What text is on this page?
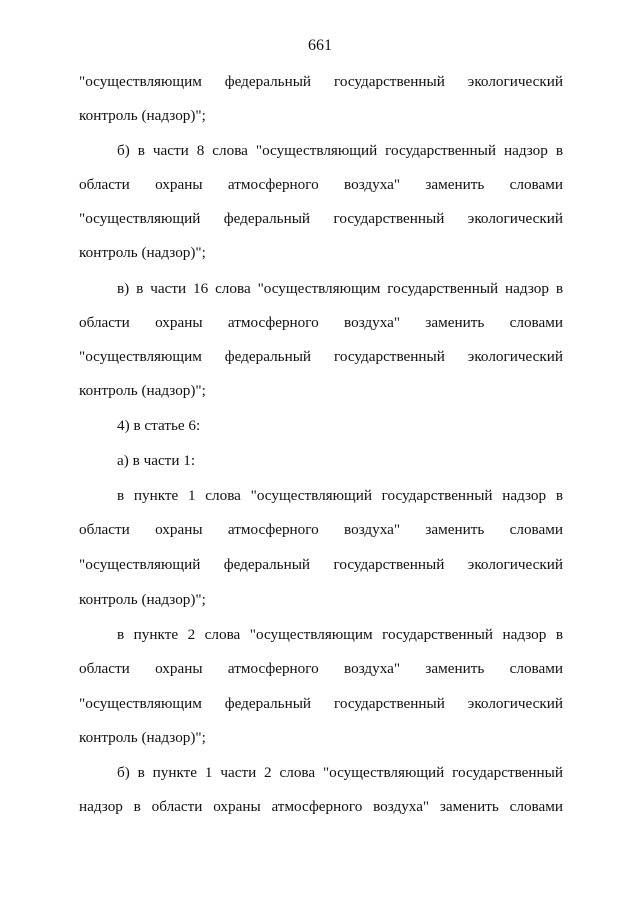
661
"осуществляющим федеральный государственный экологический
контроль (надзор)";
б) в части 8 слова "осуществляющий государственный надзор в
области охраны атмосферного воздуха" заменить словами
"осуществляющий федеральный государственный экологический
контроль (надзор)";
в) в части 16 слова "осуществляющим государственный надзор в
области охраны атмосферного воздуха" заменить словами
"осуществляющим федеральный государственный экологический
контроль (надзор)";
4) в статье 6:
а) в части 1:
в пункте 1 слова "осуществляющий государственный надзор в
области охраны атмосферного воздуха" заменить словами
"осуществляющий федеральный государственный экологический
контроль (надзор)";
в пункте 2 слова "осуществляющим государственный надзор в
области охраны атмосферного воздуха" заменить словами
"осуществляющим федеральный государственный экологический
контроль (надзор)";
б) в пункте 1 части 2 слова "осуществляющий государственный
надзор в области охраны атмосферного воздуха" заменить словами
